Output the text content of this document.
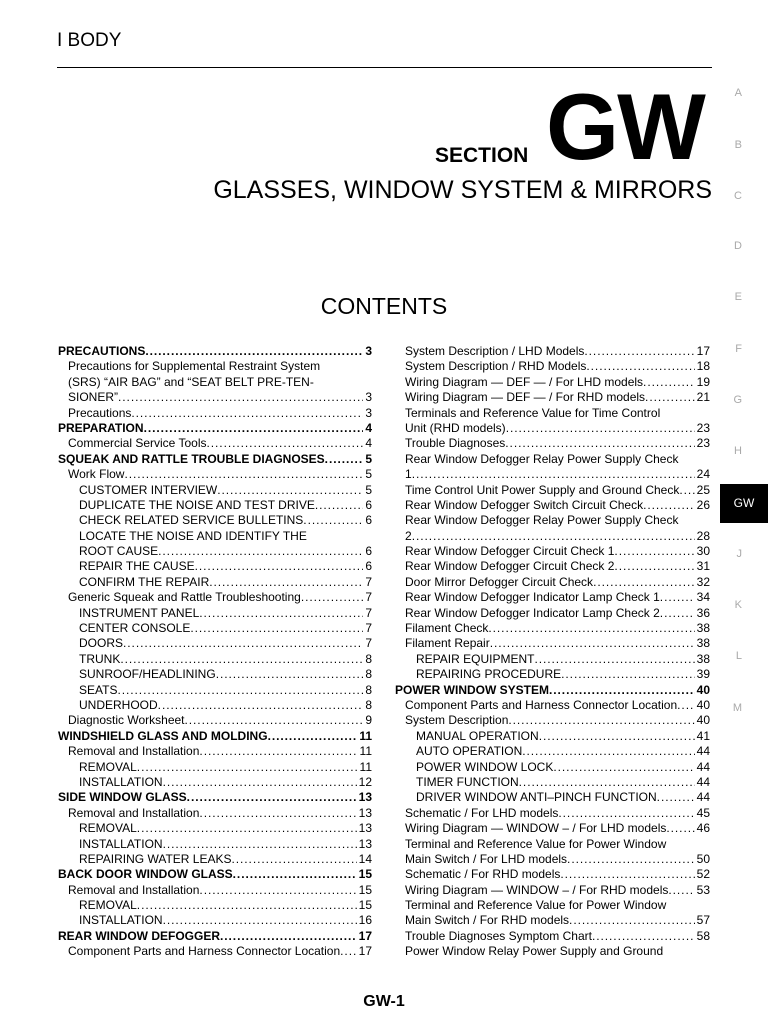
I BODY
SECTION GW
GLASSES, WINDOW SYSTEM & MIRRORS
CONTENTS
A
B
C
D
E
F
G
H
J
K
L
M
GW
PRECAUTIONS . . .	3
Precautions for Supplemental Restraint System
(SRS) “AIR BAG” and “SEAT BELT PRE-TEN-
SIONER” . . .	3
Precautions . . .	3
PREPARATION . . .	4
Commercial Service Tools . . .	4
SQUEAK AND RATTLE TROUBLE DIAGNOSES . . .	5
Work Flow . . .	5
CUSTOMER INTERVIEW . . .	5
DUPLICATE THE NOISE AND TEST DRIVE . . .	6
CHECK RELATED SERVICE BULLETINS . . .	6
LOCATE THE NOISE AND IDENTIFY THE
ROOT CAUSE . . .	6
REPAIR THE CAUSE . . .	6
CONFIRM THE REPAIR . . .	7
Generic Squeak and Rattle Troubleshooting . . .	7
INSTRUMENT PANEL . . .	7
CENTER CONSOLE . . .	7
DOORS . . .	7
TRUNK . . .	8
SUNROOF/HEADLINING . . .	8
SEATS . . .	8
UNDERHOOD . . .	8
Diagnostic Worksheet . . .	9
WINDSHIELD GLASS AND MOLDING . . .	11
Removal and Installation . . .	11
REMOVAL . . .	11
INSTALLATION . . .	12
SIDE WINDOW GLASS . . .	13
Removal and Installation . . .	13
REMOVAL . . .	13
INSTALLATION . . .	13
REPAIRING WATER LEAKS . . .	14
BACK DOOR WINDOW GLASS . . .	15
Removal and Installation . . .	15
REMOVAL . . .	15
INSTALLATION . . .	16
REAR WINDOW DEFOGGER . . .	17
Component Parts and Harness Connector Location . . . 17
System Description / LHD Models . . .	17
System Description / RHD Models . . .	18
Wiring Diagram — DEF — / For LHD models . . .	19
Wiring Diagram — DEF — / For RHD models . . .	21
Terminals and Reference Value for Time Control
Unit (RHD models) . . .	23
Trouble Diagnoses . . .	23
Rear Window Defogger Relay Power Supply Check
1 . . .	24
Time Control Unit Power Supply and Ground Check . . . 25
Rear Window Defogger Switch Circuit Check . . .	26
Rear Window Defogger Relay Power Supply Check
2 . . .	28
Rear Window Defogger Circuit Check 1 . . .	30
Rear Window Defogger Circuit Check 2 . . .	31
Door Mirror Defogger Circuit Check . . .	32
Rear Window Defogger Indicator Lamp Check 1 . . .	34
Rear Window Defogger Indicator Lamp Check 2 . . .	36
Filament Check . . .	38
Filament Repair . . .	38
REPAIR EQUIPMENT . . .	38
REPAIRING PROCEDURE . . .	39
POWER WINDOW SYSTEM . . .	40
Component Parts and Harness Connector Location . . . 40
System Description . . .	40
MANUAL OPERATION . . .	41
AUTO OPERATION . . .	44
POWER WINDOW LOCK . . .	44
TIMER FUNCTION . . .	44
DRIVER WINDOW ANTI–PINCH FUNCTION . . .	44
Schematic / For LHD models . . .	45
Wiring Diagram — WINDOW – / For LHD models . . .	46
Terminal and Reference Value for Power Window
Main Switch / For LHD models . . .	50
Schematic / For RHD models . . .	52
Wiring Diagram — WINDOW – / For RHD models . . . 53
Terminal and Reference Value for Power Window
Main Switch / For RHD models . . .	57
Trouble Diagnoses Symptom Chart . . .	58
Power Window Relay Power Supply and Ground
GW-1
